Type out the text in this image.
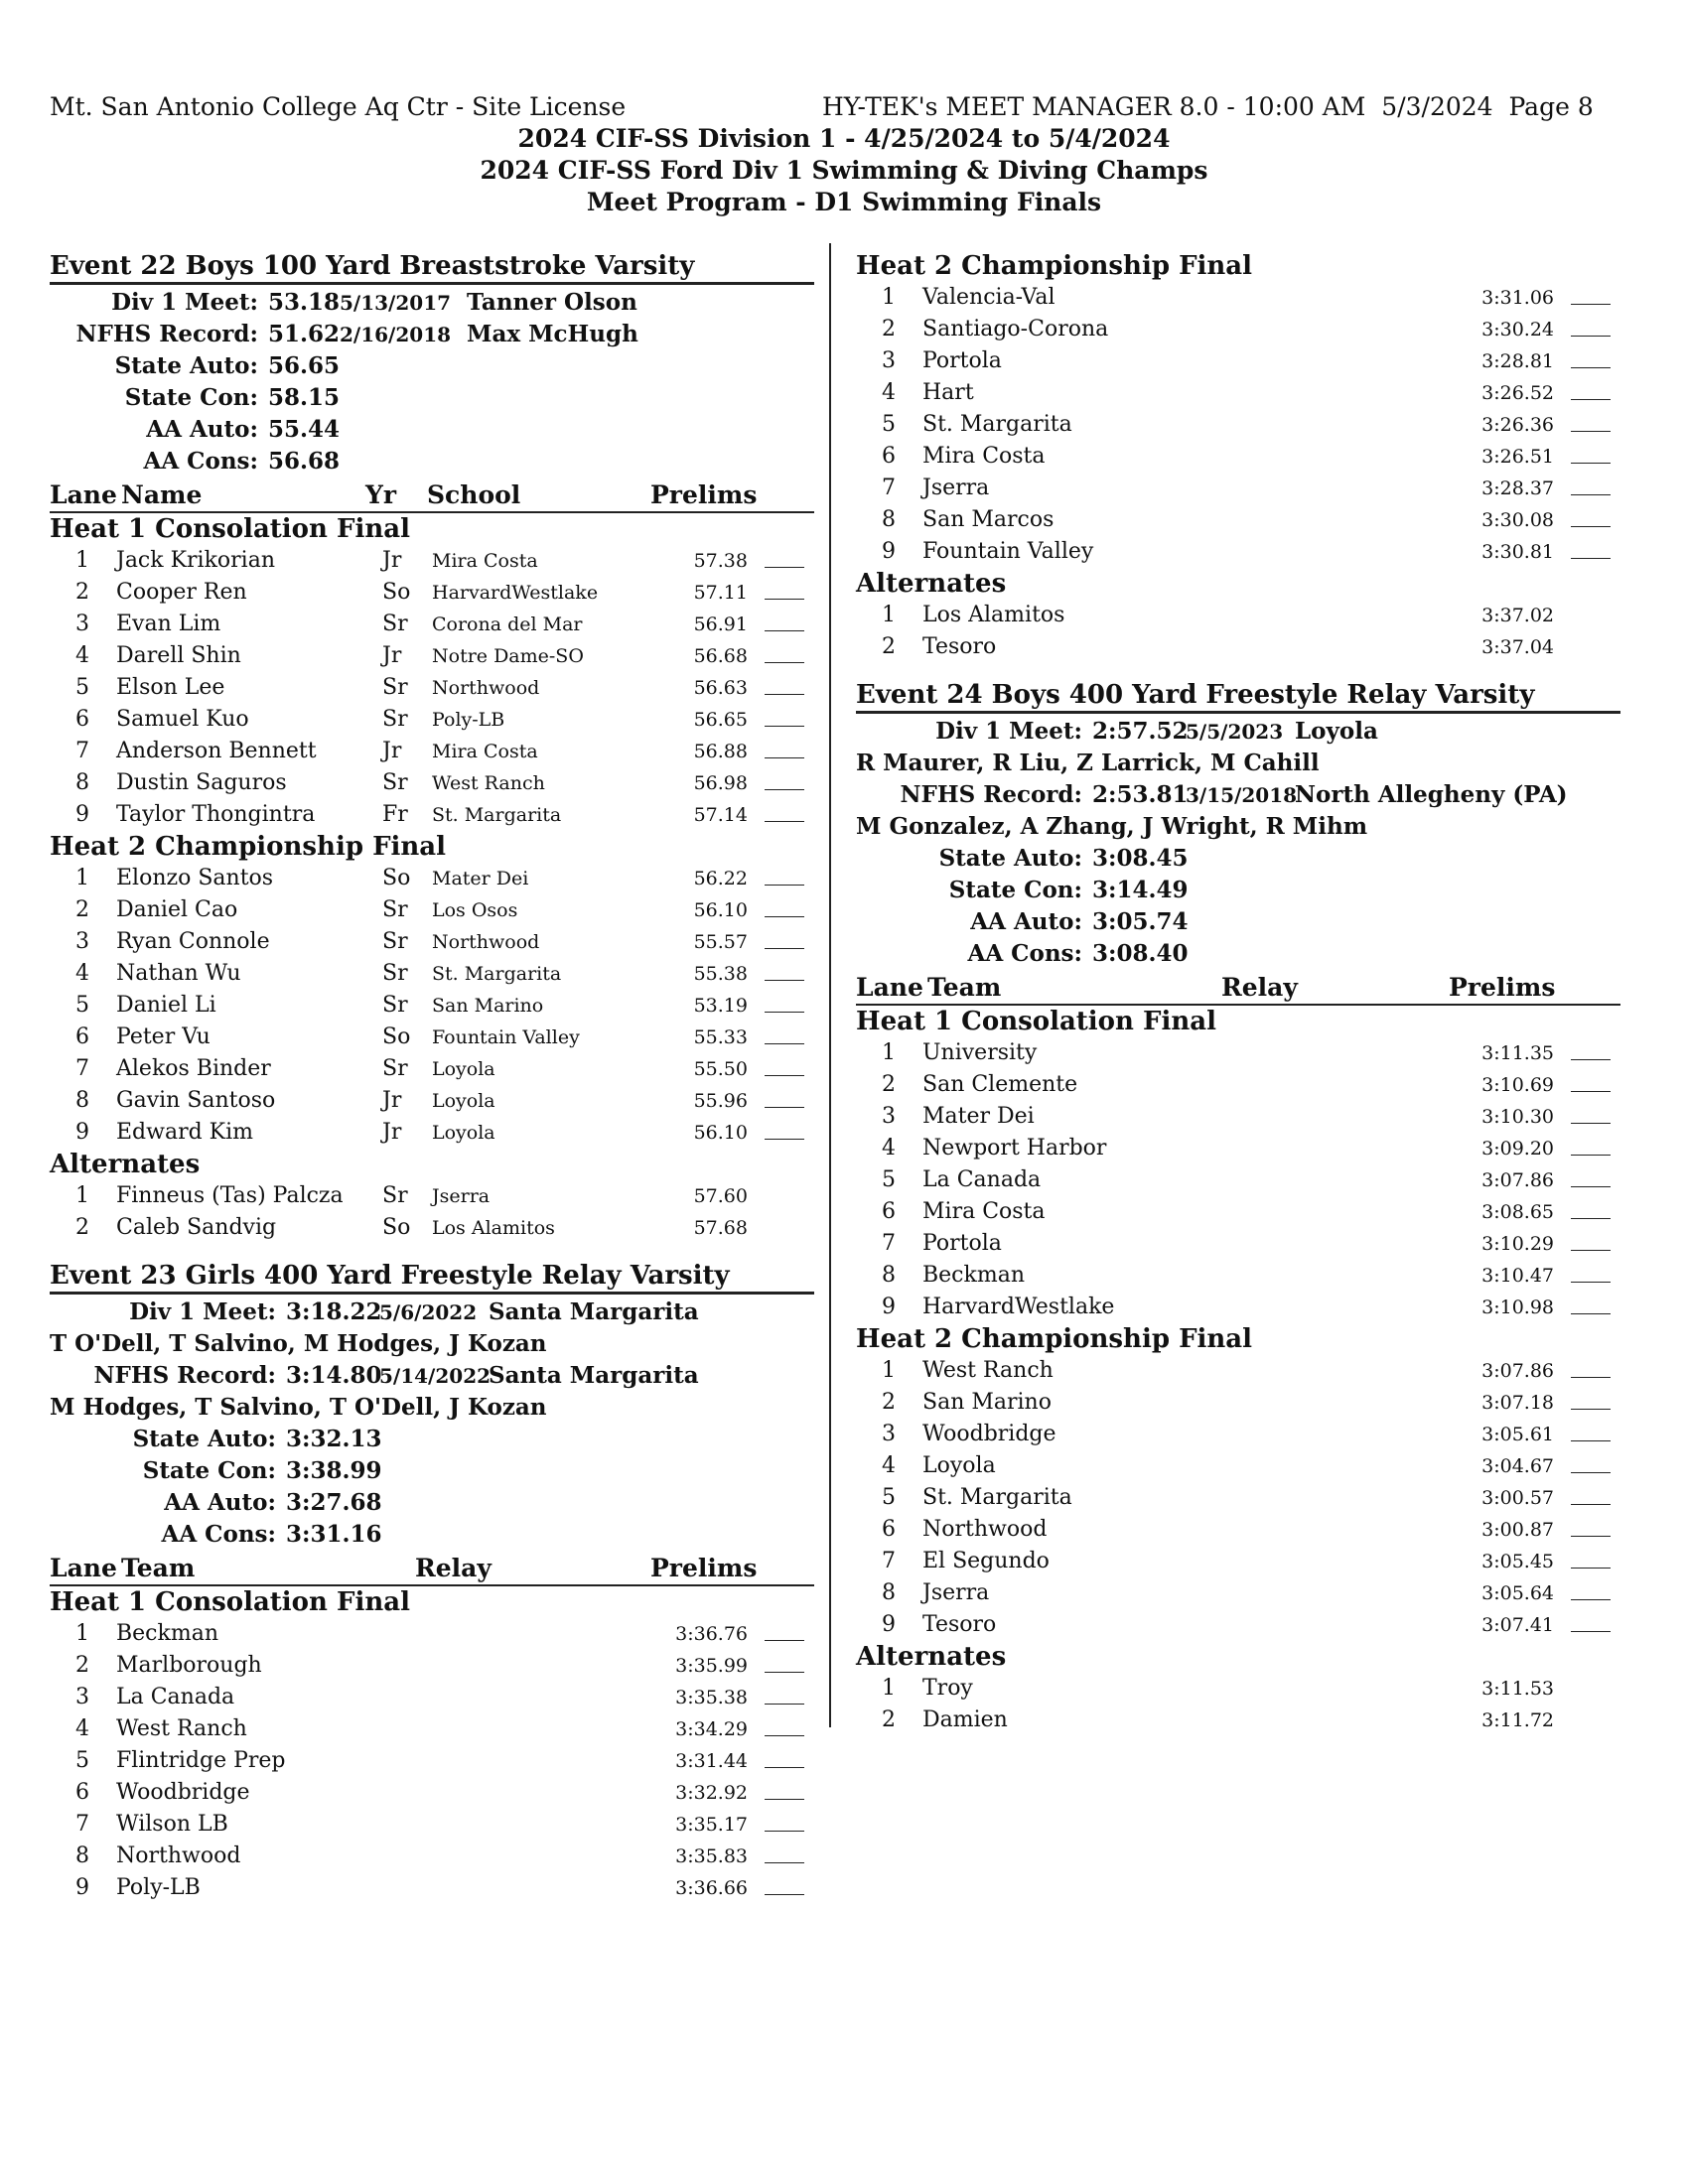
Mt. San Antonio College Aq Ctr - Site License	HY-TEK's MEET MANAGER 8.0 - 10:00 AM  5/3/2024  Page 8
2024 CIF-SS Division 1 - 4/25/2024 to 5/4/2024
2024 CIF-SS Ford Div 1 Swimming & Diving Champs
Meet Program - D1 Swimming Finals
Event 22 Boys 100 Yard Breaststroke Varsity
Div 1 Meet: 53.18 5/13/2017 Tanner Olson
NFHS Record: 51.62 2/16/2018 Max McHugh
State Auto: 56.65
State Con: 58.15
AA Auto: 55.44
AA Cons: 56.68
Lane Name	Yr School	Prelims
Heat 1 Consolation Final
1 Jack Krikorian	Jr Mira Costa	57.38
2 Cooper Ren	So HarvardWestlake	57.11
3 Evan Lim	Sr Corona del Mar	56.91
4 Darell Shin	Jr Notre Dame-SO	56.68
5 Elson Lee	Sr Northwood	56.63
6 Samuel Kuo	Sr Poly-LB	56.65
7 Anderson Bennett	Jr Mira Costa	56.88
8 Dustin Saguros	Sr West Ranch	56.98
9 Taylor Thongintra	Fr St. Margarita	57.14
Heat 2 Championship Final
1 Elonzo Santos	So Mater Dei	56.22
2 Daniel Cao	Sr Los Osos	56.10
3 Ryan Connole	Sr Northwood	55.57
4 Nathan Wu	Sr St. Margarita	55.38
5 Daniel Li	Sr San Marino	53.19
6 Peter Vu	So Fountain Valley	55.33
7 Alekos Binder	Sr Loyola	55.50
8 Gavin Santoso	Jr Loyola	55.96
9 Edward Kim	Jr Loyola	56.10
Alternates
1 Finneus (Tas) Palcza Sr Jserra	57.60
2 Caleb Sandvig	So Los Alamitos	57.68
Event 23 Girls 400 Yard Freestyle Relay Varsity
Div 1 Meet: 3:18.22
5/6/2022 Santa Margarita
T O'Dell, T Salvino, M Hodges, J Kozan
NFHS Record: 3:14.80
5/14/2022
Santa Margarita
M Hodges, T Salvino, T O'Dell, J Kozan
State Auto: 3:32.13
State Con: 3:38.99
AA Auto: 3:27.68
AA Cons: 3:31.16
Lane Team	Relay	Prelims
Heat 1 Consolation Final
1 Beckman	3:36.76
2 Marlborough	3:35.99
3 La Canada	3:35.38
4 West Ranch	3:34.29
5 Flintridge Prep	3:31.44
6 Woodbridge	3:32.92
7 Wilson LB	3:35.17
8 Northwood	3:35.83
9 Poly-LB	3:36.66
Heat 2 Championship Final
1 Valencia-Val	3:31.06
2 Santiago-Corona	3:30.24
3 Portola	3:28.81
4 Hart	3:26.52
5 St. Margarita	3:26.36
6 Mira Costa	3:26.51
7 Jserra	3:28.37
8 San Marcos	3:30.08
9 Fountain Valley	3:30.81
Alternates
1 Los Alamitos	3:37.02
2 Tesoro	3:37.04
Event 24 Boys 400 Yard Freestyle Relay Varsity
Div 1 Meet: 2:57.52
5/5/2023 Loyola
R Maurer, R Liu, Z Larrick, M Cahill
NFHS Record: 2:53.81
3/15/2018
North Allegheny (PA)
M Gonzalez, A Zhang, J Wright, R Mihm
State Auto: 3:08.45
State Con: 3:14.49
AA Auto: 3:05.74
AA Cons: 3:08.40
Lane Team	Relay	Prelims
Heat 1 Consolation Final
1 University	3:11.35
2 San Clemente	3:10.69
3 Mater Dei	3:10.30
4 Newport Harbor	3:09.20
5 La Canada	3:07.86
6 Mira Costa	3:08.65
7 Portola	3:10.29
8 Beckman	3:10.47
9 HarvardWestlake	3:10.98
Heat 2 Championship Final
1 West Ranch	3:07.86
2 San Marino	3:07.18
3 Woodbridge	3:05.61
4 Loyola	3:04.67
5 St. Margarita	3:00.57
6 Northwood	3:00.87
7 El Segundo	3:05.45
8 Jserra	3:05.64
9 Tesoro	3:07.41
Alternates
1 Troy	3:11.53
2 Damien	3:11.72
